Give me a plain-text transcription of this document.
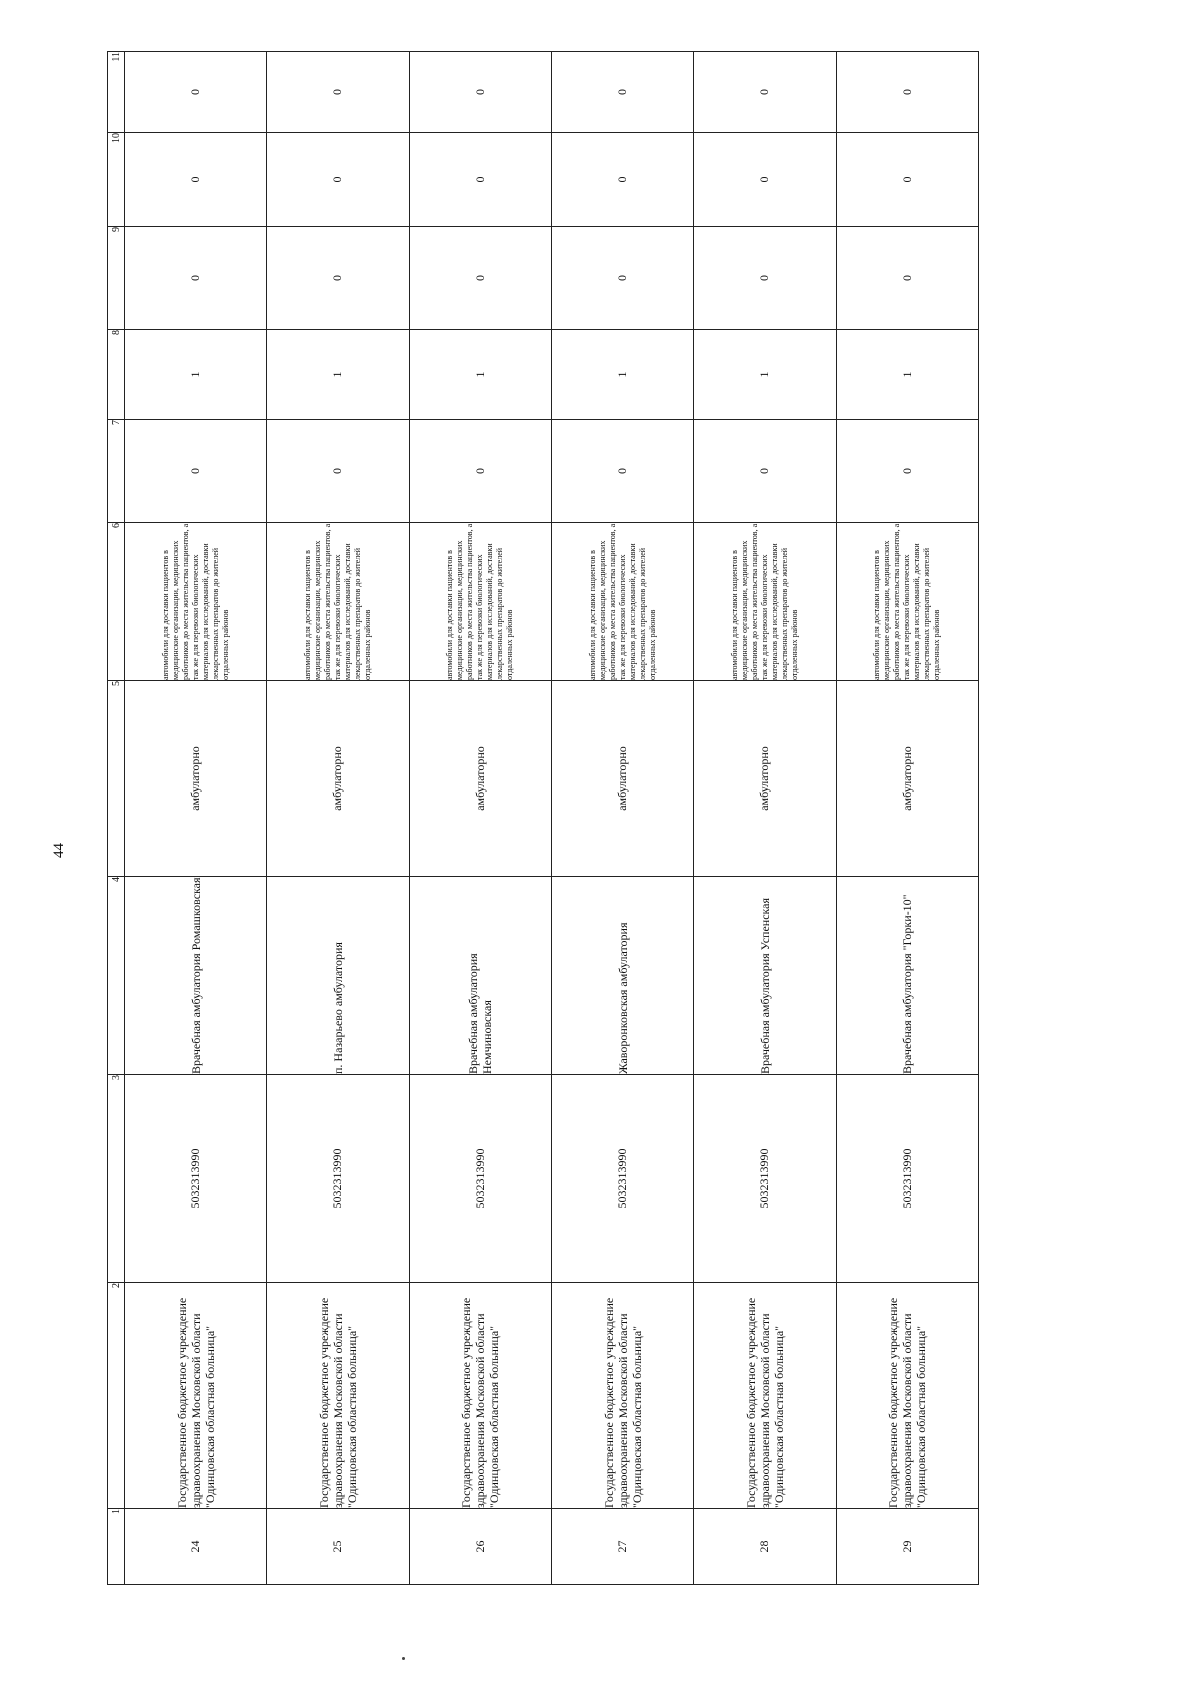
44
1	2	3	4	5	6	7	8	9	10	11
24	Государственное бюджетное учреждение здравоохранения Московской области "Одинцовская областная больница"	5032313990	Врачебная амбулатория Ромашковская	амбулаторно	автомобили для доставки пациентов в медицинские организации, медицинских работников до места жительства пациентов, а так же для перевозки биологических материалов для исследований, доставки лекарственных препаратов до жителей отдаленных районов	0	1	0	0	0
25	Государственное бюджетное учреждение здравоохранения Московской области "Одинцовская областная больница"	5032313990	п. Назарьево амбулатория	амбулаторно	автомобили для доставки пациентов в медицинские организации, медицинских работников до места жительства пациентов, а так же для перевозки биологических материалов для исследований, доставки лекарственных препаратов до жителей отдаленных районов	0	1	0	0	0
26	Государственное бюджетное учреждение здравоохранения Московской области "Одинцовская областная больница"	5032313990	Врачебная амбулатория Немчиновская	амбулаторно	автомобили для доставки пациентов в медицинские организации, медицинских работников до места жительства пациентов, а так же для перевозки биологических материалов для исследований, доставки лекарственных препаратов до жителей отдаленных районов	0	1	0	0	0
27	Государственное бюджетное учреждение здравоохранения Московской области "Одинцовская областная больница"	5032313990	Жаворонковская амбулатория	амбулаторно	автомобили для доставки пациентов в медицинские организации, медицинских работников до места жительства пациентов, а так же для перевозки биологических материалов для исследований, доставки лекарственных препаратов до жителей отдаленных районов	0	1	0	0	0
28	Государственное бюджетное учреждение здравоохранения Московской области "Одинцовская областная больница"	5032313990	Врачебная амбулатория Успенская	амбулаторно	автомобили для доставки пациентов в медицинские организации, медицинских работников до места жительства пациентов, а так же для перевозки биологических материалов для исследований, доставки лекарственных препаратов до жителей отдаленных районов	0	1	0	0	0
29	Государственное бюджетное учреждение здравоохранения Московской области "Одинцовская областная больница"	5032313990	Врачебная амбулатория "Горки-10"	амбулаторно	автомобили для доставки пациентов в медицинские организации, медицинских работников до места жительства пациентов, а так же для перевозки биологических материалов для исследований, доставки лекарственных препаратов до жителей отдаленных районов	0	1	0	0	0
